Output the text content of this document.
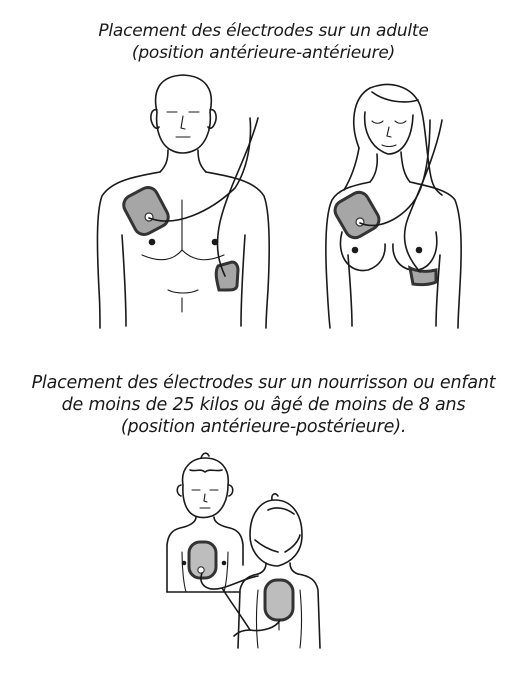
Placement des électrodes sur un adulte
(position antérieure-antérieure)
Placement des électrodes sur un nourrisson ou enfant
de moins de 25 kilos ou âgé de moins de 8 ans
(position antérieure-postérieure).
